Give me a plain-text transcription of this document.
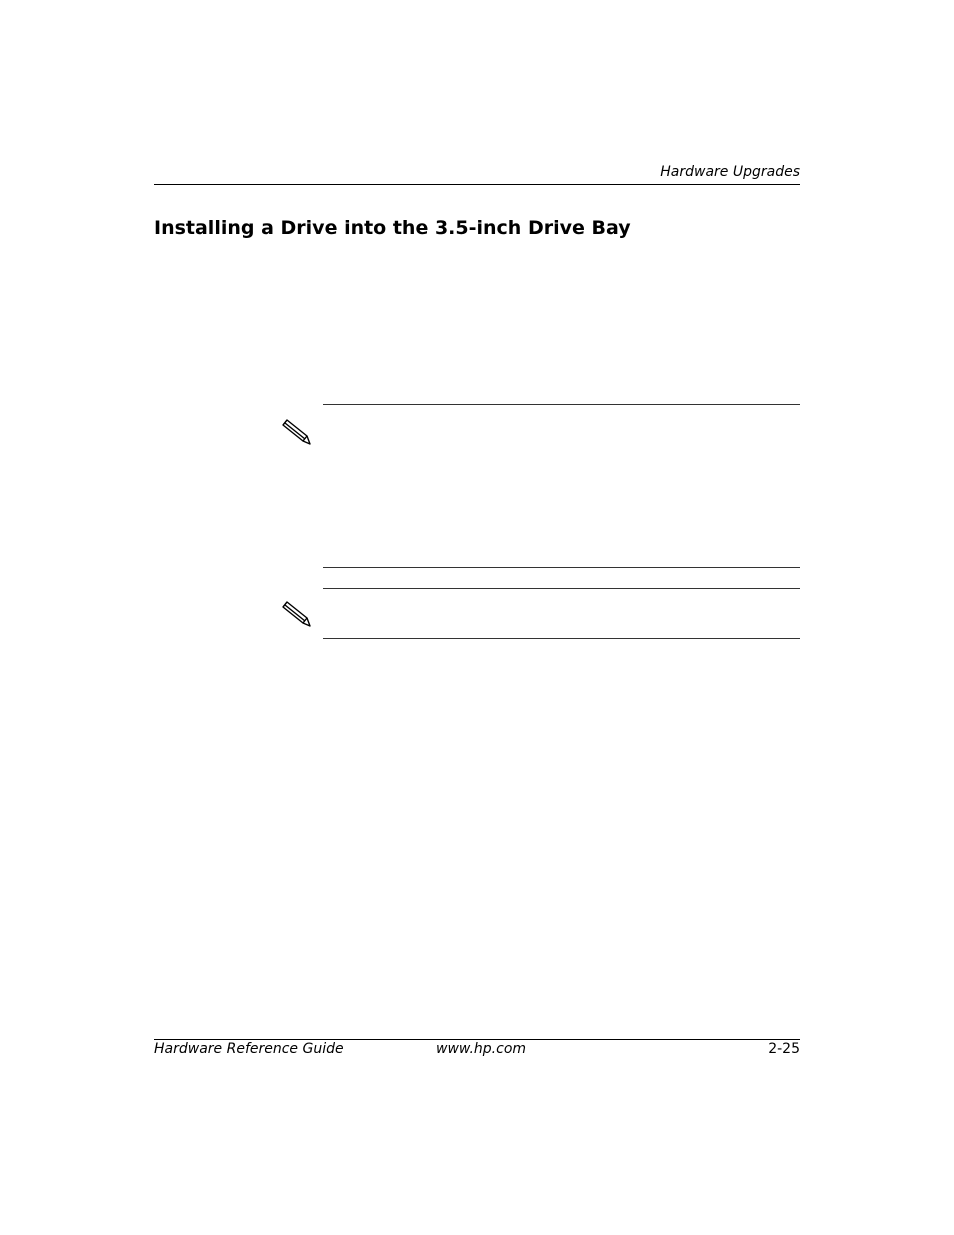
Hardware Upgrades
Installing a Drive into the 3.5-inch Drive Bay
Hardware Reference Guide	www.hp.com	2-25
